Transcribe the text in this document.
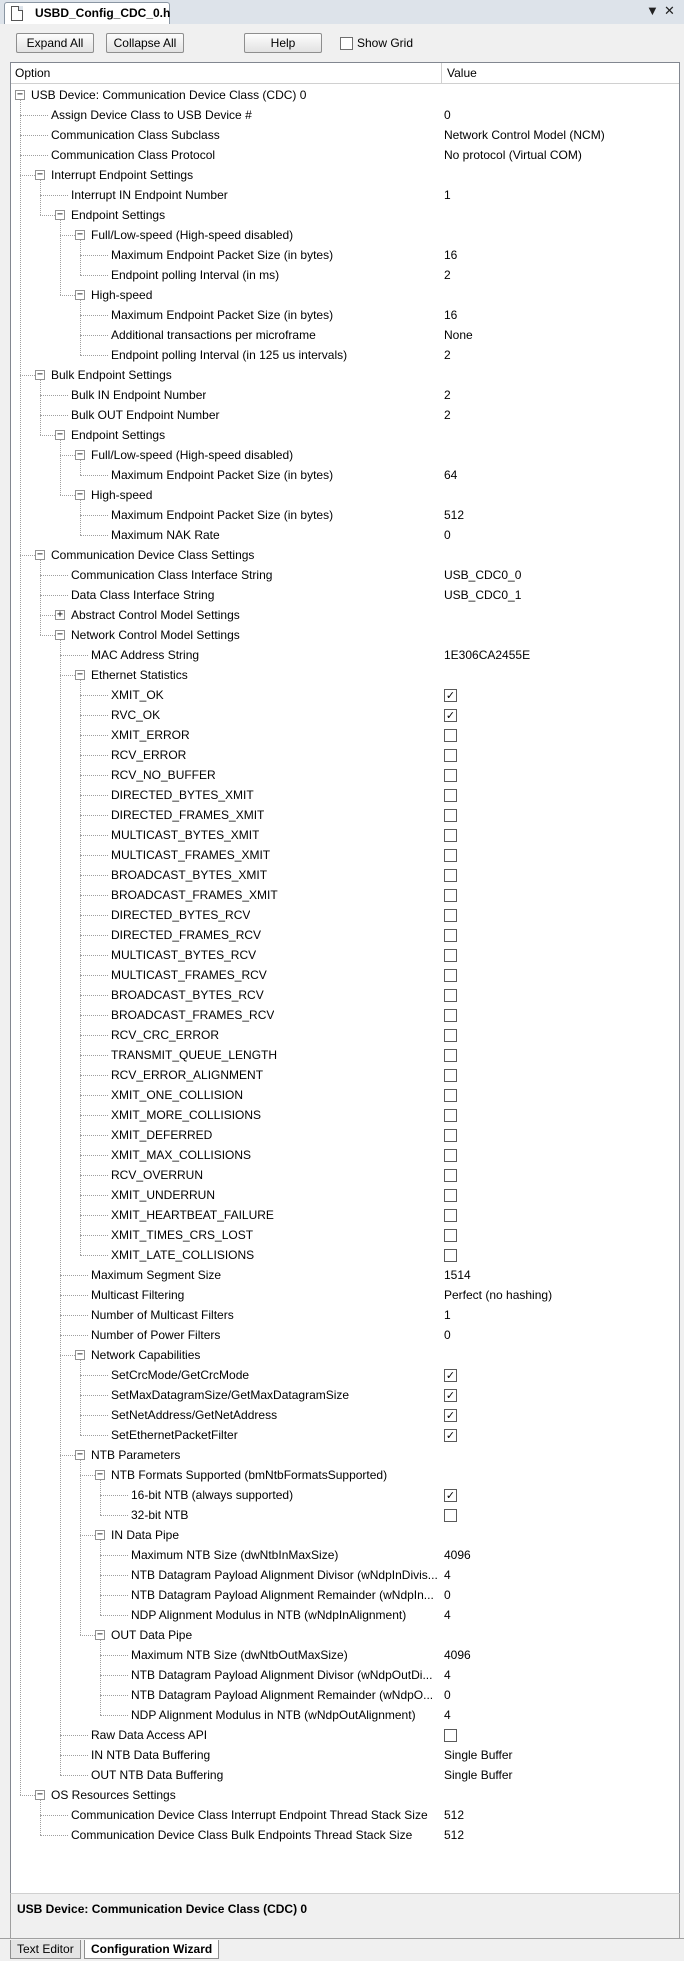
USBD_Config_CDC_0.h	▼ ✕
Expand All	Collapse All	Help	Show Grid
Option	Value
− USB Device: Communication Device Class (CDC) 0
Assign Device Class to USB Device #	0
Communication Class Subclass	Network Control Model (NCM)
Communication Class Protocol	No protocol (Virtual COM)
− Interrupt Endpoint Settings
Interrupt IN Endpoint Number	1
− Endpoint Settings
− Full/Low-speed (High-speed disabled)
Maximum Endpoint Packet Size (in bytes)	16
Endpoint polling Interval (in ms)	2
− High-speed
Maximum Endpoint Packet Size (in bytes)	16
Additional transactions per microframe	None
Endpoint polling Interval (in 125 us intervals)	2
− Bulk Endpoint Settings
Bulk IN Endpoint Number	2
Bulk OUT Endpoint Number	2
− Endpoint Settings
− Full/Low-speed (High-speed disabled)
Maximum Endpoint Packet Size (in bytes)	64
− High-speed
Maximum Endpoint Packet Size (in bytes)	512
Maximum NAK Rate	0
− Communication Device Class Settings
Communication Class Interface String	USB_CDC0_0
Data Class Interface String	USB_CDC0_1
+ Abstract Control Model Settings
− Network Control Model Settings
MAC Address String	1E306CA2455E
− Ethernet Statistics
XMIT_OK	✓
RVC_OK	✓
XMIT_ERROR
RCV_ERROR
RCV_NO_BUFFER
DIRECTED_BYTES_XMIT
DIRECTED_FRAMES_XMIT
MULTICAST_BYTES_XMIT
MULTICAST_FRAMES_XMIT
BROADCAST_BYTES_XMIT
BROADCAST_FRAMES_XMIT
DIRECTED_BYTES_RCV
DIRECTED_FRAMES_RCV
MULTICAST_BYTES_RCV
MULTICAST_FRAMES_RCV
BROADCAST_BYTES_RCV
BROADCAST_FRAMES_RCV
RCV_CRC_ERROR
TRANSMIT_QUEUE_LENGTH
RCV_ERROR_ALIGNMENT
XMIT_ONE_COLLISION
XMIT_MORE_COLLISIONS
XMIT_DEFERRED
XMIT_MAX_COLLISIONS
RCV_OVERRUN
XMIT_UNDERRUN
XMIT_HEARTBEAT_FAILURE
XMIT_TIMES_CRS_LOST
XMIT_LATE_COLLISIONS
Maximum Segment Size	1514
Multicast Filtering	Perfect (no hashing)
Number of Multicast Filters	1
Number of Power Filters	0
− Network Capabilities
SetCrcMode/GetCrcMode	✓
SetMaxDatagramSize/GetMaxDatagramSize	✓
SetNetAddress/GetNetAddress	✓
SetEthernetPacketFilter	✓
− NTB Parameters
− NTB Formats Supported (bmNtbFormatsSupported)
16-bit NTB (always supported)	✓
32-bit NTB
− IN Data Pipe
Maximum NTB Size (dwNtbInMaxSize)	4096
NTB Datagram Payload Alignment Divisor (wNdpInDivis... 4
NTB Datagram Payload Alignment Remainder (wNdpIn... 0
NDP Alignment Modulus in NTB (wNdpInAlignment)	4
− OUT Data Pipe
Maximum NTB Size (dwNtbOutMaxSize)	4096
NTB Datagram Payload Alignment Divisor (wNdpOutDi... 4
NTB Datagram Payload Alignment Remainder (wNdpO... 0
NDP Alignment Modulus in NTB (wNdpOutAlignment) 4
Raw Data Access API
IN NTB Data Buffering	Single Buffer
OUT NTB Data Buffering	Single Buffer
− OS Resources Settings
Communication Device Class Interrupt Endpoint Thread Stack Size 512
Communication Device Class Bulk Endpoints Thread Stack Size	512
USB Device: Communication Device Class (CDC) 0
Text Editor	Configuration Wizard
